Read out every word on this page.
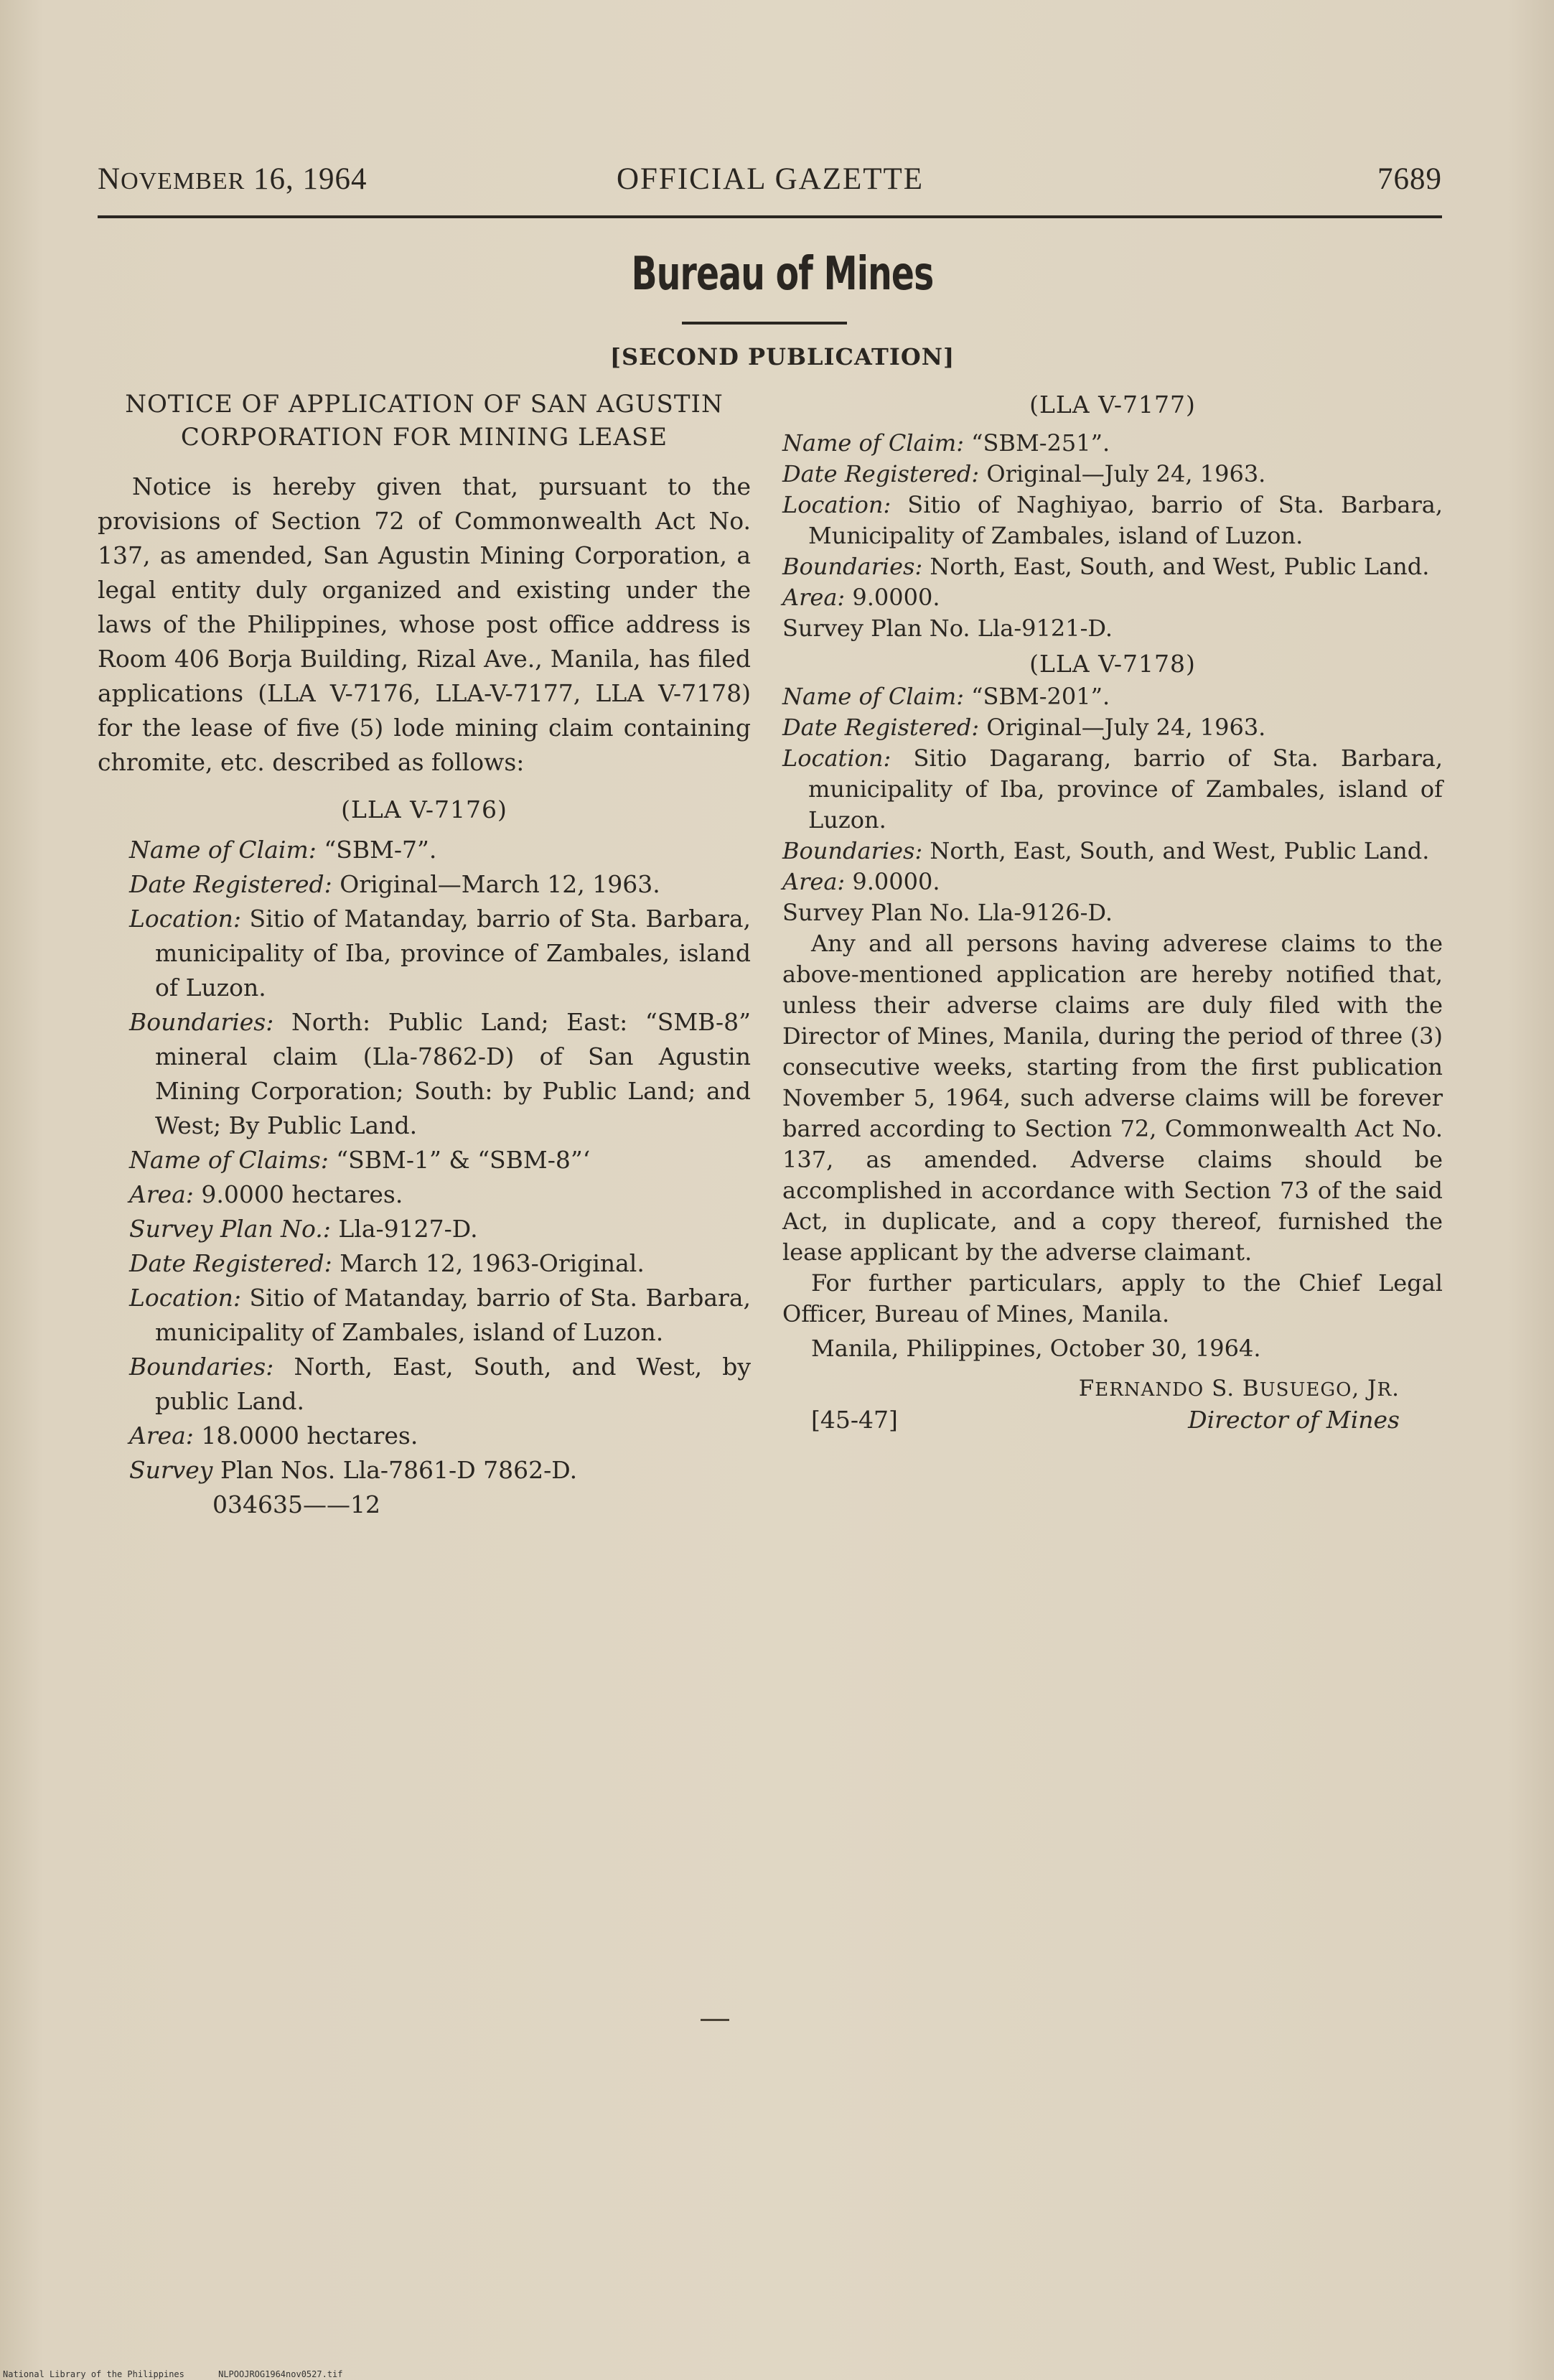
NOVEMBER 16, 1964	OFFICIAL GAZETTE	7689
Bureau of Mines
[SECOND PUBLICATION]
NOTICE OF APPLICATION OF SAN AGUSTIN CORPORATION FOR MINING LEASE

Notice is hereby given that, pursuant to the provisions of Section 72 of Commonwealth Act No. 137, as amended, San Agustin Mining Corporation, a legal entity duly organized and existing under the laws of the Philippines, whose post office address is Room 406 Borja Building, Rizal Ave., Manila, has filed applications (LLA V-7176, LLA-V-7177, LLA V-7178) for the lease of five (5) lode mining claim containing chromite, etc. described as follows:

(LLA V-7176)

Name of Claim: “SBM-7”.

Date Registered: Original—March 12, 1963.

Location: Sitio of Matanday, barrio of Sta. Barbara, municipality of Iba, province of Zambales, island of Luzon.

Boundaries: North: Public Land; East: “SMB-8” mineral claim (Lla-7862-D) of San Agustin Mining Corporation; South: by Public Land; and West; By Public Land.

Name of Claims: “SBM-1” & “SBM-8”‘

Area: 9.0000 hectares.

Survey Plan No.: Lla-9127-D.

Date Registered: March 12, 1963-Original.

Location: Sitio of Matanday, barrio of Sta. Barbara, municipality of Zambales, island of Luzon.

Boundaries: North, East, South, and West, by public Land.

Area: 18.0000 hectares.

Survey Plan Nos. Lla-7861-D 7862-D.

034635——12

(LLA V-7177)

Name of Claim: “SBM-251”.

Date Registered: Original—July 24, 1963.

Location: Sitio of Naghiyao, barrio of Sta. Barbara, Municipality of Zambales, island of Luzon.

Boundaries: North, East, South, and West, Public Land.

Area: 9.0000.

Survey Plan No. Lla-9121-D.

(LLA V-7178)

Name of Claim: “SBM-201”.

Date Registered: Original—July 24, 1963.

Location: Sitio Dagarang, barrio of Sta. Barbara, municipality of Iba, province of Zambales, island of Luzon.

Boundaries: North, East, South, and West, Public Land.

Area: 9.0000.

Survey Plan No. Lla-9126-D.

Any and all persons having adverese claims to the above-mentioned application are hereby notified that, unless their adverse claims are duly filed with the Director of Mines, Manila, during the period of three (3) consecutive weeks, starting from the first publication November 5, 1964, such adverse claims will be forever barred according to Section 72, Commonwealth Act No. 137, as amended. Adverse claims should be accomplished in accordance with Section 73 of the said Act, in duplicate, and a copy thereof, furnished the lease applicant by the adverse claimant.

For further particulars, apply to the Chief Legal Officer, Bureau of Mines, Manila.

Manila, Philippines, October 30, 1964.

FERNANDO S. BUSUEGO, JR.
[45-47]	Director of Mines
National Library of the Philippines	NLPOOJROG1964nov0527.tif
